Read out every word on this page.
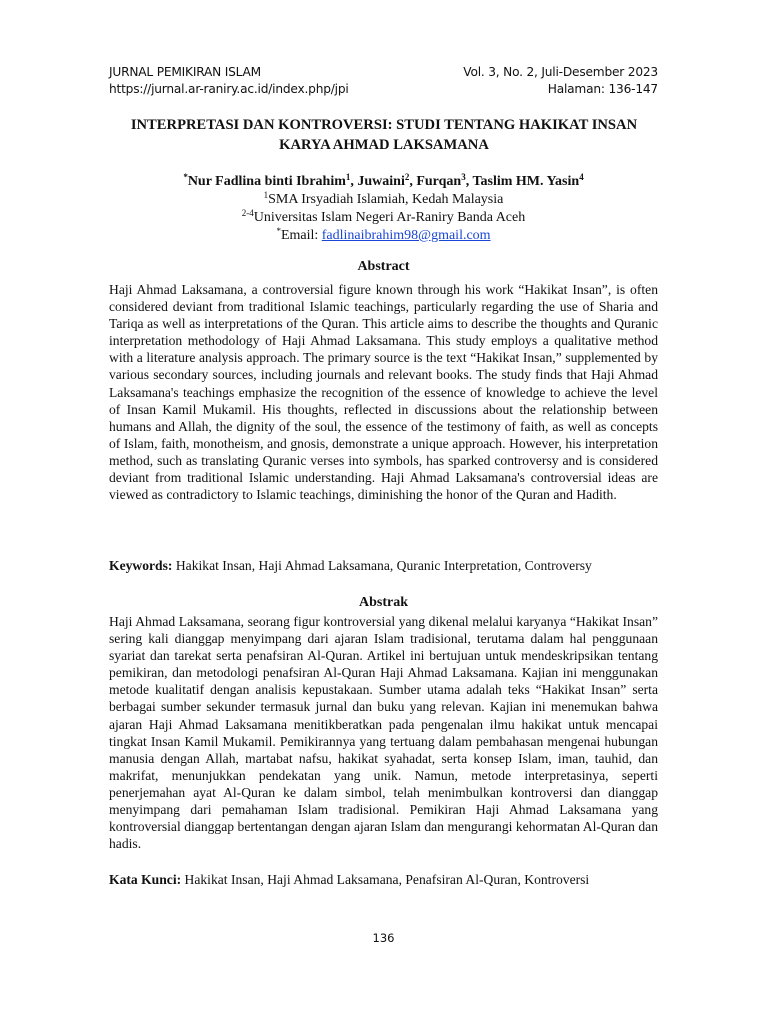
JURNAL PEMIKIRAN ISLAM	Vol. 3, No. 2, Juli-Desember 2023
https://jurnal.ar-raniry.ac.id/index.php/jpi	Halaman: 136-147
INTERPRETASI DAN KONTROVERSI: STUDI TENTANG HAKIKAT INSAN
KARYA AHMAD LAKSAMANA
*Nur Fadlina binti Ibrahim$^1$, Juwaini$^2$, Furqan$^3$, Taslim HM. Yasin$^4$
$^1$SMA Irsyadiah Islamiah, Kedah Malaysia
$^{2-4}$Universitas Islam Negeri Ar-Raniry Banda Aceh
*Email: fadlinaibrahim98@gmail.com
Abstract

Haji Ahmad Laksamana, a controversial figure known through his work “Hakikat Insan”, is often considered deviant from traditional Islamic teachings, particularly regarding the use of Sharia and Tariqa as well as interpretations of the Quran. This article aims to describe the thoughts and Quranic interpretation methodology of Haji Ahmad Laksamana. This study employs a qualitative method with a literature analysis approach. The primary source is the text “Hakikat Insan,” supplemented by various secondary sources, including journals and relevant books. The study finds that Haji Ahmad Laksamana's teachings emphasize the recognition of the essence of knowledge to achieve the level of Insan Kamil Mukamil. His thoughts, reflected in discussions about the relationship between humans and Allah, the dignity of the soul, the essence of the testimony of faith, as well as concepts of Islam, faith, monotheism, and gnosis, demonstrate a unique approach. However, his interpretation method, such as translating Quranic verses into symbols, has sparked controversy and is considered deviant from traditional Islamic understanding. Haji Ahmad Laksamana's controversial ideas are viewed as contradictory to Islamic teachings, diminishing the honor of the Quran and Hadith.

Keywords: Hakikat Insan, Haji Ahmad Laksamana, Quranic Interpretation, Controversy
Abstrak

Haji Ahmad Laksamana, seorang figur kontroversial yang dikenal melalui karyanya “Hakikat Insan” sering kali dianggap menyimpang dari ajaran Islam tradisional, terutama dalam hal penggunaan syariat dan tarekat serta penafsiran Al-Quran. Artikel ini bertujuan untuk mendeskripsikan tentang pemikiran, dan metodologi penafsiran Al-Quran Haji Ahmad Laksamana. Kajian ini menggunakan metode kualitatif dengan analisis kepustakaan. Sumber utama adalah teks “Hakikat Insan” serta berbagai sumber sekunder termasuk jurnal dan buku yang relevan. Kajian ini menemukan bahwa ajaran Haji Ahmad Laksamana menitikberatkan pada pengenalan ilmu hakikat untuk mencapai tingkat Insan Kamil Mukamil. Pemikirannya yang tertuang dalam pembahasan mengenai hubungan manusia dengan Allah, martabat nafsu, hakikat syahadat, serta konsep Islam, iman, tauhid, dan makrifat, menunjukkan pendekatan yang unik. Namun, metode interpretasinya, seperti penerjemahan ayat Al-Quran ke dalam simbol, telah menimbulkan kontroversi dan dianggap menyimpang dari pemahaman Islam tradisional. Pemikiran Haji Ahmad Laksamana yang kontroversial dianggap bertentangan dengan ajaran Islam dan mengurangi kehormatan Al-Quran dan hadis.

Kata Kunci: Hakikat Insan, Haji Ahmad Laksamana, Penafsiran Al-Quran, Kontroversi
136
